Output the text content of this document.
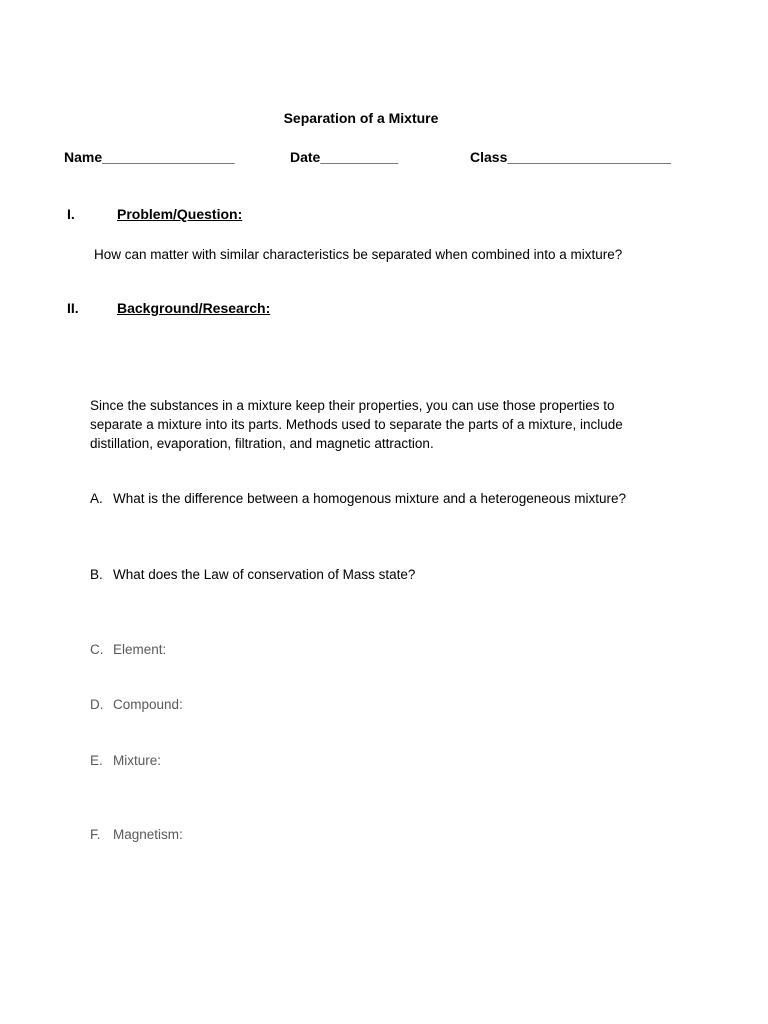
Separation of a Mixture
Name_________________	Date__________	Class_____________________
I.	Problem/Question:
How can matter with similar characteristics be separated when combined into a mixture?
II.	Background/Research:
Since the substances in a mixture keep their properties, you can use those properties to
separate a mixture into its parts. Methods used to separate the parts of a mixture, include
distillation, evaporation, filtration, and magnetic attraction.
A. What is the difference between a homogenous mixture and a heterogeneous mixture?
B. What does the Law of conservation of Mass state?
C. Element:
D. Compound:
E. Mixture:
F. Magnetism:
